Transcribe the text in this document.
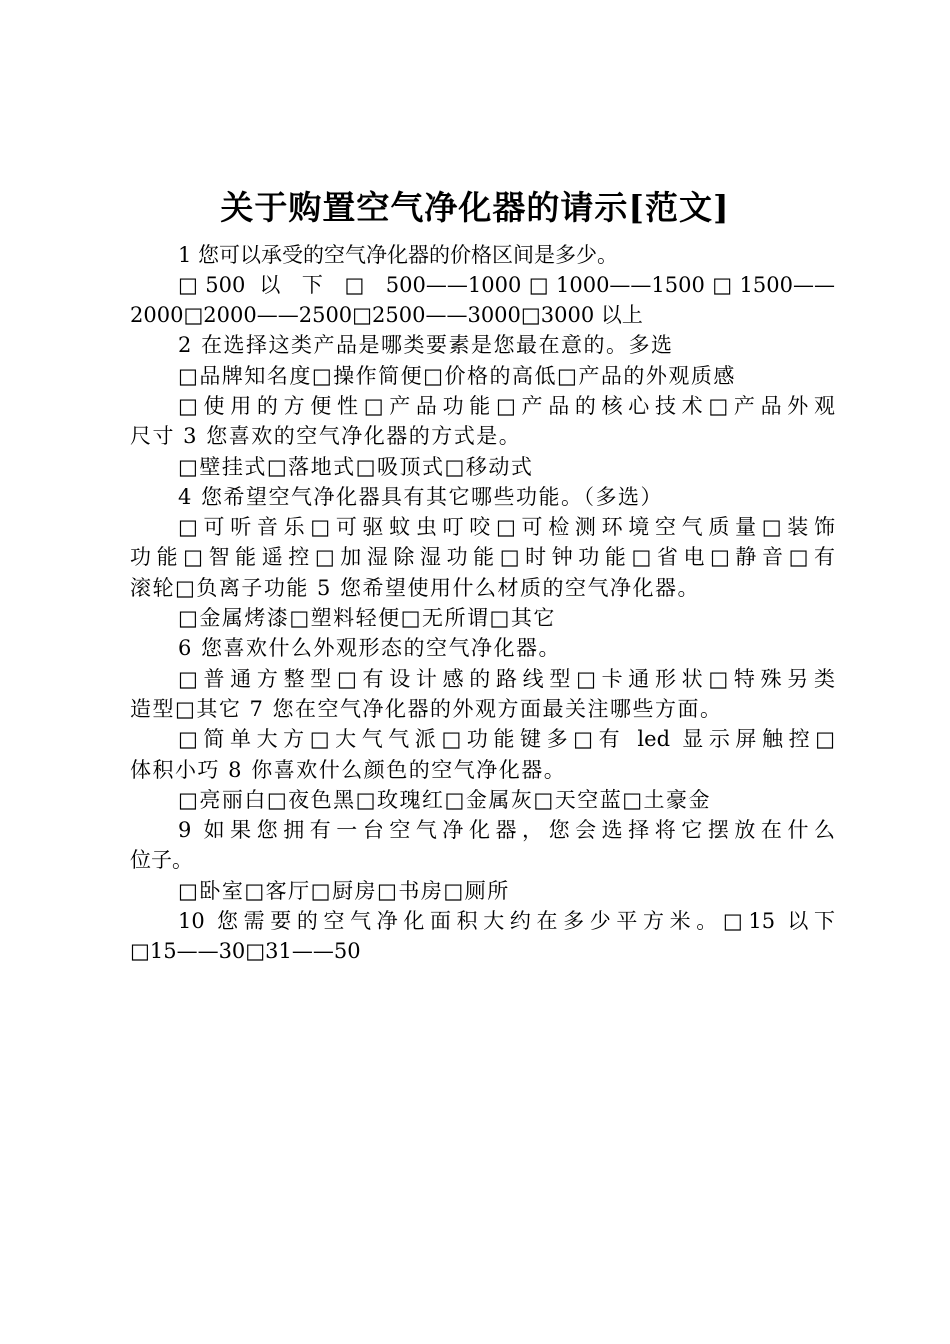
关于购置空气净化器的请示[范文]
1 您可以承受的空气净化器的价格区间是多少。
□500 以 下 □ 500——1000□1000——1500□1500——
2000□2000——2500□2500——3000□3000 以上
2 在选择这类产品是哪类要素是您最在意的。多选
□品牌知名度□操作简便□价格的高低□产品的外观质感
□使用的方便性□产品功能□产品的核心技术□产品外观
尺寸 3 您喜欢的空气净化器的方式是。
□壁挂式□落地式□吸顶式□移动式
4 您希望空气净化器具有其它哪些功能。（多选）
□可听音乐□可驱蚊虫叮咬□可检测环境空气质量□装饰
功能□智能遥控□加湿除湿功能□时钟功能□省电□静音□有
滚轮□负离子功能 5 您希望使用什么材质的空气净化器。
□金属烤漆□塑料轻便□无所谓□其它
6 您喜欢什么外观形态的空气净化器。
□普通方整型□有设计感的路线型□卡通形状□特殊另类
造型□其它 7 您在空气净化器的外观方面最关注哪些方面。
□简单大方□大气气派□功能键多□有 led 显示屏触控□
体积小巧 8 你喜欢什么颜色的空气净化器。
□亮丽白□夜色黑□玫瑰红□金属灰□天空蓝□土豪金
9 如果您拥有一台空气净化器，您会选择将它摆放在什么
位子。
□卧室□客厅□厨房□书房□厕所
10 您需要的空气净化面积大约在多少平方米。□15 以下
□15——30□31——50
